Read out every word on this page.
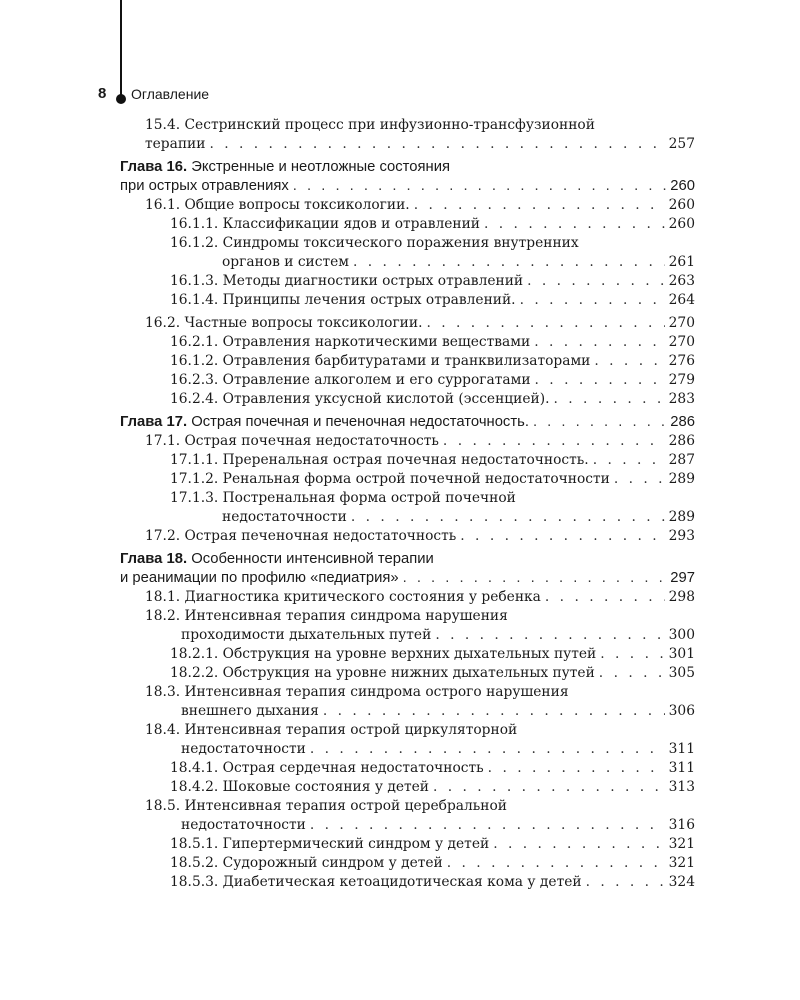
8 Оглавление
15.4. Сестринский процесс при инфузионно-трансфузионной
терапии . . .	257
Глава 16.
Экстренные и неотложные состояния
при острых отравлениях . . .	260
16.1. Общие вопросы токсикологии. . . .	260
16.1.1. Классификации ядов и отравлений . . .	260
16.1.2. Синдромы токсического поражения внутренних
органов и систем . . .	261
16.1.3. Методы диагностики острых отравлений . . .	263
16.1.4. Принципы лечения острых отравлений. . . .	264
16.2. Частные вопросы токсикологии. . . .	270
16.2.1. Отравления наркотическими веществами . . .	270
16.1.2. Отравления барбитуратами и транквилизаторами . . .	276
16.2.3. Отравление алкоголем и его суррогатами . . .	279
16.2.4. Отравления уксусной кислотой (эссенцией). . . .	283
Глава 17.
Острая почечная и печеночная недостаточность. . . .	286
17.1. Острая почечная недостаточность . . .	286
17.1.1. Преренальная острая почечная недостаточность. . . .	287
17.1.2. Ренальная форма острой почечной недостаточности . . .	289
17.1.3. Постренальная форма острой почечной
недостаточности . . .	289
17.2. Острая печеночная недостаточность . . .	293
Глава 18.
Особенности интенсивной терапии
и реанимации по профилю «педиатрия» . . .	297
18.1. Диагностика критического состояния у ребенка . . .	298
18.2. Интенсивная терапия синдрома нарушения
проходимости дыхательных путей . . .	300
18.2.1. Обструкция на уровне верхних дыхательных путей . . .	301
18.2.2. Обструкция на уровне нижних дыхательных путей . . .	305
18.3. Интенсивная терапия синдрома острого нарушения
внешнего дыхания . . .	306
18.4. Интенсивная терапия острой циркуляторной
недостаточности . . .	311
18.4.1. Острая сердечная недостаточность . . .	311
18.4.2. Шоковые состояния у детей . . .	313
18.5. Интенсивная терапия острой церебральной
недостаточности . . .	316
18.5.1. Гипертермический синдром у детей . . .	321
18.5.2. Судорожный синдром у детей . . .	321
18.5.3. Диабетическая кетоацидотическая кома у детей . . .	324
